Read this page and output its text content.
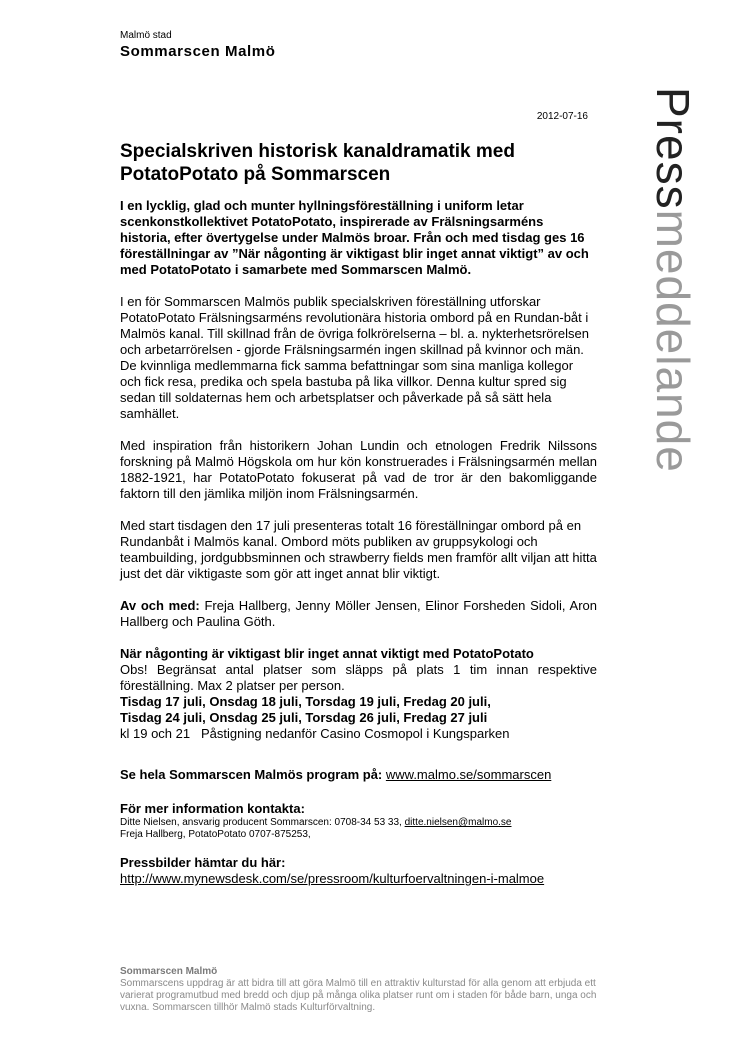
Malmö stad
Sommarscen Malmö
2012-07-16 Pressmeddelande
Specialskriven historisk kanaldramatik med PotatoPotato på Sommarscen

I en lycklig, glad och munter hyllningsföreställning i uniform letar scenkonstkollektivet PotatoPotato, inspirerade av Frälsningsarméns historia, efter övertygelse under Malmös broar. Från och med tisdag ges 16 föreställningar av ”När någonting är viktigast blir inget annat viktigt” av och med PotatoPotato i samarbete med Sommarscen Malmö.

I en för Sommarscen Malmös publik specialskriven föreställning utforskar PotatoPotato Frälsningsarméns revolutionära historia ombord på en Rundan-båt i Malmös kanal. Till skillnad från de övriga folkrörelserna – bl. a. nykterhetsrörelsen och arbetarrörelsen - gjorde Frälsningsarmén ingen skillnad på kvinnor och män. De kvinnliga medlemmarna fick samma befattningar som sina manliga kollegor och fick resa, predika och spela bastuba på lika villkor. Denna kultur spred sig sedan till soldaternas hem och arbetsplatser och påverkade på så sätt hela samhället.

Med inspiration från historikern Johan Lundin och etnologen Fredrik Nilssons forskning på Malmö Högskola om hur kön konstruerades i Frälsningsarmén mellan 1882-1921, har PotatoPotato fokuserat på vad de tror är den bakomliggande faktorn till den jämlika miljön inom Frälsningsarmén.

Med start tisdagen den 17 juli presenteras totalt 16 föreställningar ombord på en Rundanbåt i Malmös kanal. Ombord möts publiken av gruppsykologi och teambuilding, jordgubbsminnen och strawberry fields men framför allt viljan att hitta just det där viktigaste som gör att inget annat blir viktigt.

Av och med: Freja Hallberg, Jenny Möller Jensen, Elinor Forsheden Sidoli, Aron Hallberg och Paulina Göth.

När någonting är viktigast blir inget annat viktigt med PotatoPotato
Obs! Begränsat antal platser som släpps på plats 1 tim innan respektive föreställning. Max 2 platser per person.
Tisdag 17 juli, Onsdag 18 juli, Torsdag 19 juli, Fredag 20 juli,
Tisdag 24 juli, Onsdag 25 juli, Torsdag 26 juli, Fredag 27 juli
kl 19 och 21   Påstigning nedanför Casino Cosmopol i Kungsparken
Se hela Sommarscen Malmös program på: www.malmo.se/sommarscen
För mer information kontakta:
Ditte Nielsen, ansvarig producent Sommarscen: 0708-34 53 33, ditte.nielsen@malmo.se
Freja Hallberg, PotatoPotato 0707-875253,
Pressbilder hämtar du här:
http://www.mynewsdesk.com/se/pressroom/kulturfoervaltningen-i-malmoe
Sommarscen Malmö
Sommarscens uppdrag är att bidra till att göra Malmö till en attraktiv kulturstad för alla genom att erbjuda ett varierat programutbud med bredd och djup på många olika platser runt om i staden för både barn, unga och vuxna. Sommarscen tillhör Malmö stads Kulturförvaltning.
